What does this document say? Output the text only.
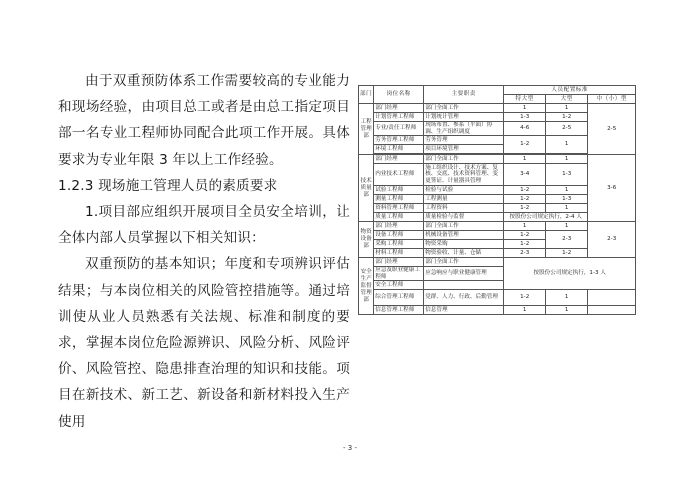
由于双重预防体系工作需要较高的专业能力和现场经验，由项目总工或者是由总工指定项目部一名专业工程师协同配合此项工作开展。具体要求为专业年限 3 年以上工作经验。

1.2.3 现场施工管理人员的素质要求

1.项目部应组织开展项目全员安全培训，让全体内部人员掌握以下相关知识：

双重预防的基本知识；年度和专项辨识评估结果；与本岗位相关的风险管控措施等。通过培训使从业人员熟悉有关法规、标准和制度的要求，掌握本岗位危险源辨识、风险分析、风险评价、风险管控、隐患排查治理的知识和技能。项目在新技术、新工艺、新设备和新材料投入生产使用

部门	岗位名称	主要职责	人员配置标准		
			特大型	大型	中（小）型
工程管理部	部门经理	部门全面工作	1	1	2-5
	计划管理工程师	计划统计管理	1-3	1-2	
	专业/责任工程师	现场布置、参系（平面）协调、生产组织调度	4-6	2-5	
	劳务管理工程师	劳务管理	1-2	1	
	环境工程师	项目环境管理			

技术质量部	部门经理	部门全面工作	1	1	3-6
	内业技术工程师	施工组织设计、技术方案、复核、交底、技术资料管理、变更签证、计量器具管理	3-4	1-3	
	试验工程师	检验与试验	1-2	1	
	测量工程师	工程测量	1-2	1-3	
	资料管理工程师	工程资料	1-2	1	
	质量工程师	质量检验与监督	按股份公司规定执行，2-4 人		
物资设备部	部门经理	部门全面工作	1	1	2-3
	设备工程师	机械设备管理	1-2	2-3	
	采购工程师	物资采购	1-2		
	材料工程师	物资验收、计量、仓储	2-3	1-2	
安全生产监督管理部	部门经理	部门全面工作	按股份公司规定执行，1-3 人		
	应急及职业健康工程师	应急响应与职业健康管理			
	安全工程师				
	综合管理工程师	党群、人力、行政、后勤管理	1-2	1	
	信息管理工程师	信息管理	1	1	
- 3 -
